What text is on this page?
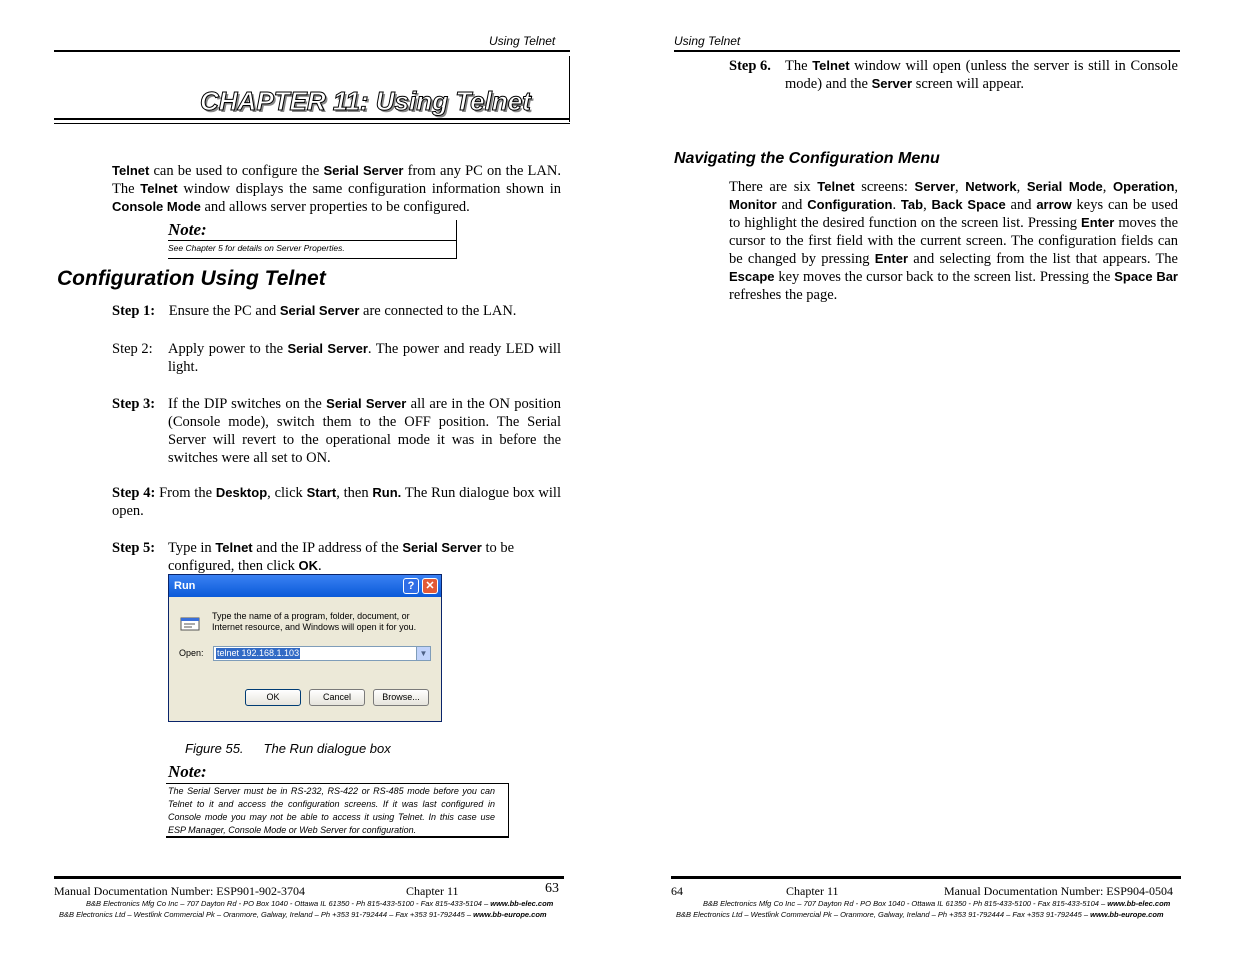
Using Telnet
CHAPTER 11: Using Telnet
Telnet can be used to configure the Serial Server from any PC on the LAN. The Telnet window displays the same configuration information shown in Console Mode and allows server properties to be configured.
Note:
See Chapter 5 for details on Server Properties.
Configuration Using Telnet
Step 1: Ensure the PC and Serial Server are connected to the LAN.
Step 2:	Apply power to the Serial Server. The power and ready LED will light.
Step 3: If the DIP switches on the Serial Server all are in the ON position (Console mode), switch them to the OFF position. The Serial Server will revert to the operational mode it was in before the switches were all set to ON.
Step 4: From the Desktop, click Start, then Run. The Run dialogue box will open.
Step 5: Type in Telnet and the IP address of the Serial Server to be configured, then click OK.
Run	?	✕
Type the name of a program, folder, document, or Internet resource, and Windows will open it for you.
Open: telnet 192.168.1.103	▼
OK	Cancel	Browse...
Figure 55. The Run dialogue box
Note:
The Serial Server must be in RS-232, RS-422 or RS-485 mode before you can Telnet to it and access the configuration screens. If it was last configured in Console mode you may not be able to access it using Telnet. In this case use ESP Manager, Console Mode or Web Server for configuration.
Manual Documentation Number: ESP901-902-3704	Chapter 11	63
B&B Electronics Mfg Co Inc – 707 Dayton Rd - PO Box 1040 - Ottawa IL 61350 - Ph 815-433-5100 - Fax 815-433-5104 – www.bb-elec.com
B&B Electronics Ltd – Westlink Commercial Pk – Oranmore, Galway, Ireland – Ph +353 91-792444 – Fax +353 91-792445 – www.bb-europe.com
Using Telnet
Step 6. The Telnet window will open (unless the server is still in Console mode) and the Server screen will appear.
Navigating the Configuration Menu
There are six Telnet screens: Server, Network, Serial Mode, Operation, Monitor and Configuration. Tab, Back Space and arrow keys can be used to highlight the desired function on the screen list. Pressing Enter moves the cursor to the first field with the current screen. The configuration fields can be changed by pressing Enter and selecting from the list that appears. The Escape key moves the cursor back to the screen list. Pressing the Space Bar refreshes the page.
64	Chapter 11	Manual Documentation Number: ESP904-0504
B&B Electronics Mfg Co Inc – 707 Dayton Rd - PO Box 1040 - Ottawa IL 61350 - Ph 815-433-5100 - Fax 815-433-5104 – www.bb-elec.com
B&B Electronics Ltd – Westlink Commercial Pk – Oranmore, Galway, Ireland – Ph +353 91-792444 – Fax +353 91-792445 – www.bb-europe.com
